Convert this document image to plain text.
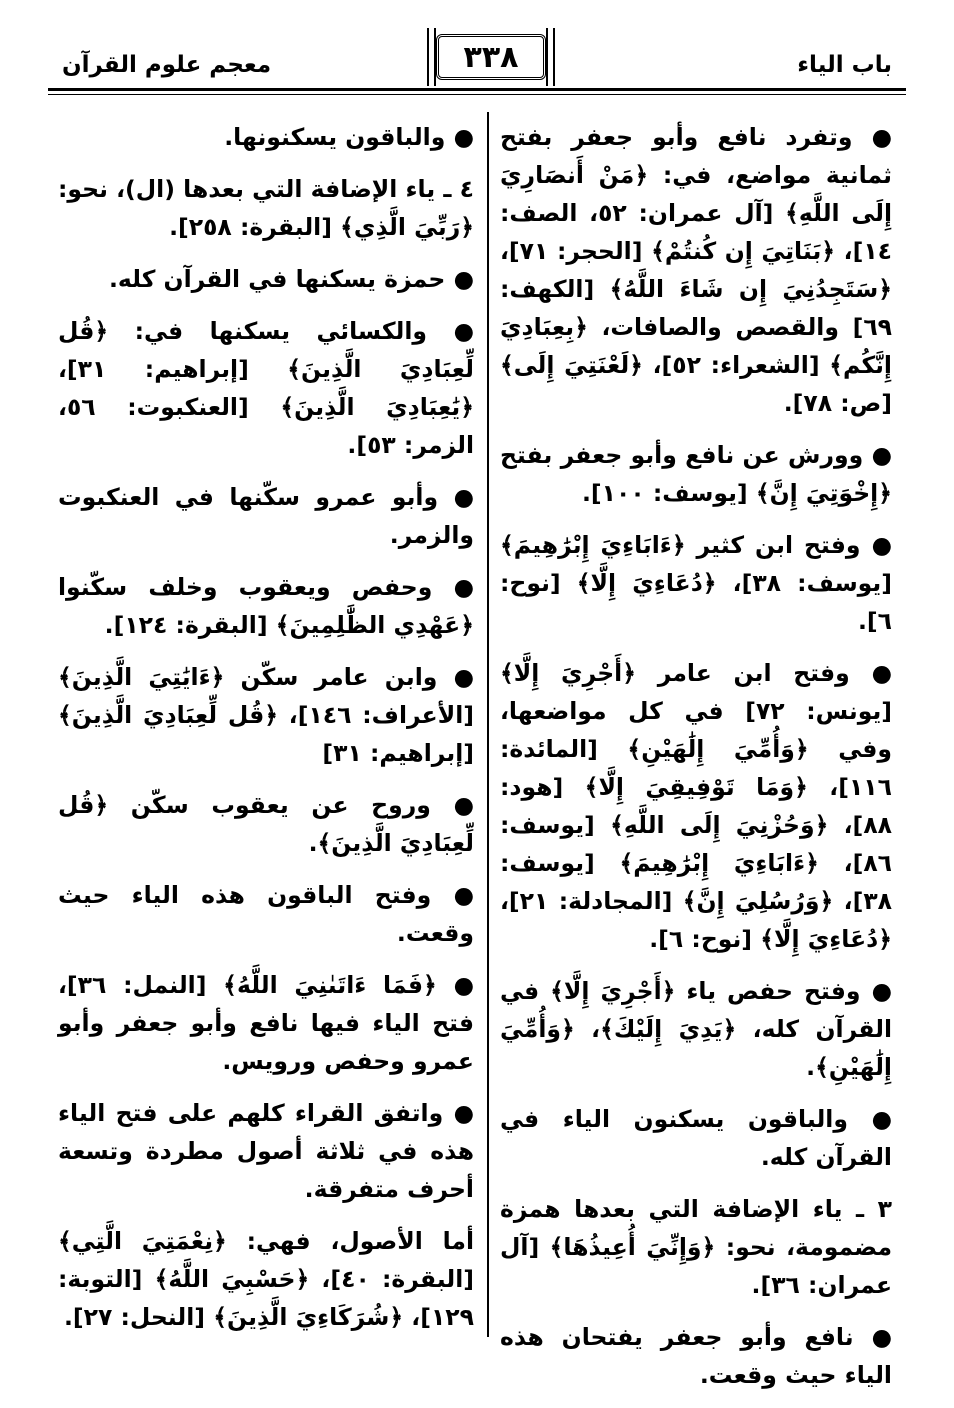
باب الياء
٣٣٨
معجم علوم القرآن

● وتفرد نافع وأبو جعفر بفتح ثمانية مواضع، في: ﴿مَنْ أَنصَارِيَ إِلَى اللَّهِ﴾ [آل عمران: ٥٢، الصف: ١٤]، ﴿بَنَاتِيَ إِن كُنتُمْ﴾ [الحجر: ٧١]، ﴿سَتَجِدُنِيَ إِن شَاءَ اللَّهُ﴾ [الكهف: ٦٩] والقصص والصافات، ﴿بِعِبَادِيَ إِنَّكُم﴾ [الشعراء: ٥٢]، ﴿لَعْنَتِيَ إِلَى﴾ [ص: ٧٨].

● وورش عن نافع وأبو جعفر بفتح ﴿إِخْوَتِيَ إِنَّ﴾ [يوسف: ١٠٠].

● وفتح ابن كثير ﴿ءَابَاءِيَ إِبْرَٰهِيمَ﴾ [يوسف: ٣٨]، ﴿دُعَاءِيَ إِلَّا﴾ [نوح: ٦].

● وفتح ابن عامر ﴿أَجْرِيَ إِلَّا﴾ [يونس: ٧٢] في كل مواضعها، وفي ﴿وَأُمِّيَ إِلَٰهَيْنِ﴾ [المائدة: ١١٦]، ﴿وَمَا تَوْفِيقِيَ إِلَّا﴾ [هود: ٨٨]، ﴿وَحُزْنِيَ إِلَى اللَّهِ﴾ [يوسف: ٨٦]، ﴿ءَابَاءِيَ إِبْرَٰهِيمَ﴾ [يوسف: ٣٨]، ﴿وَرُسُلِيَ إِنَّ﴾ [المجادلة: ٢١]، ﴿دُعَاءِيَ إِلَّا﴾ [نوح: ٦].

● وفتح حفص ياء ﴿أَجْرِيَ إِلَّا﴾ في القرآن كله، ﴿يَدِيَ إِلَيْكَ﴾، ﴿وَأُمِّيَ إِلَٰهَيْنِ﴾.

● والباقون يسكنون الياء في القرآن كله.

٣ ـ ياء الإضافة التي بعدها همزة مضمومة، نحو: ﴿وَإِنِّيَ أُعِيذُهَا﴾ [آل عمران: ٣٦].

● نافع وأبو جعفر يفتحان هذه الياء حيث وقعت.

● والباقون يسكنونها.

٤ ـ ياء الإضافة التي بعدها (ال)، نحو: ﴿رَبِّيَ الَّذِي﴾ [البقرة: ٢٥٨].

● حمزة يسكنها في القرآن كله.

● والكسائي يسكنها في: ﴿قُل لِّعِبَادِيَ الَّذِينَ﴾ [إبراهيم: ٣١]، ﴿يَٰعِبَادِيَ الَّذِينَ﴾ [العنكبوت: ٥٦، الزمر: ٥٣].

● وأبو عمرو سكّنها في العنكبوت والزمر.

● وحفص ويعقوب وخلف سكّنوا ﴿عَهْدِي الظَّٰلِمِينَ﴾ [البقرة: ١٢٤].

● وابن عامر سكّن ﴿ءَايَٰتِيَ الَّذِينَ﴾ [الأعراف: ١٤٦]، ﴿قُل لِّعِبَادِيَ الَّذِينَ﴾ [إبراهيم: ٣١]

● وروح عن يعقوب سكّن ﴿قُل لِّعِبَادِيَ الَّذِينَ﴾.

● وفتح الباقون هذه الياء حيث وقعت.

● ﴿فَمَا ءَاتَىٰنِيَ اللَّهُ﴾ [النمل: ٣٦]، فتح الياء فيها نافع وأبو جعفر وأبو عمرو وحفص ورويس.

● واتفق القراء كلهم على فتح الياء هذه في ثلاثة أصول مطردة وتسعة أحرف متفرقة.

أما الأصول، فهي: ﴿نِعْمَتِيَ الَّتِي﴾ [البقرة: ٤٠]، ﴿حَسْبِيَ اللَّهُ﴾ [التوبة: ١٢٩]، ﴿شُرَكَاءِيَ الَّذِينَ﴾ [النحل: ٢٧].
